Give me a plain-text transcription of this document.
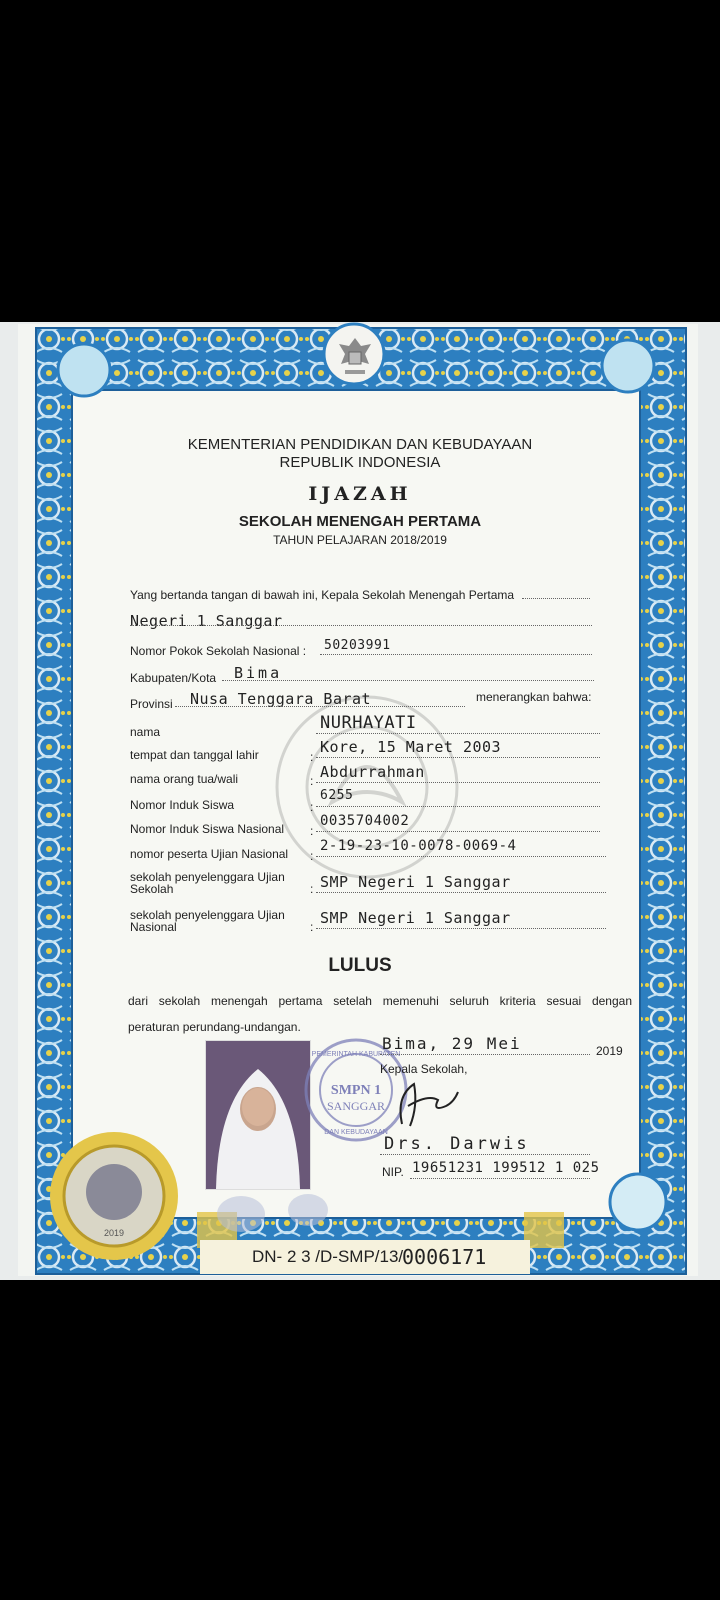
KEMENTERIAN PENDIDIKAN DAN KEBUDAYAAN
REPUBLIK INDONESIA
IJAZAH
SEKOLAH MENENGAH PERTAMA
TAHUN PELAJARAN 2018/2019
Yang bertanda tangan di bawah ini, Kepala Sekolah Menengah Pertama
Negeri 1 Sanggar
Nomor Pokok Sekolah Nasional : 50203991
Kabupaten/Kota Bima
Provinsi Nusa Tenggara Barat	menerangkan bahwa:
nama	NURHAYATI
tempat dan tanggal lahir	:
Kore, 15 Maret 2003
nama orang tua/wali	: Abdurrahman
Nomor Induk Siswa	:
6255
Nomor Induk Siswa Nasional :
0035704002
nomor peserta Ujian Nasional :
2-19-23-10-0078-0069-4
sekolah penyelenggara Ujian
Sekolah	: SMP Negeri 1 Sanggar
sekolah penyelenggara Ujian
Nasional	: SMP Negeri 1 Sanggar
LULUS
dari sekolah menengah pertama setelah memenuhi seluruh kriteria sesuai dengan
peraturan perundang-undangan.
PEMERINTAH KABUPATEN
SMPN 1
SANGGAR
DAN KEBUDAYAAN
Bima, 29 Mei	2019
Kepala Sekolah,
Drs. Darwis
NIP. 19651231 199512 1 025
2019
DN- 2 3 /D-SMP/13/
0006171
